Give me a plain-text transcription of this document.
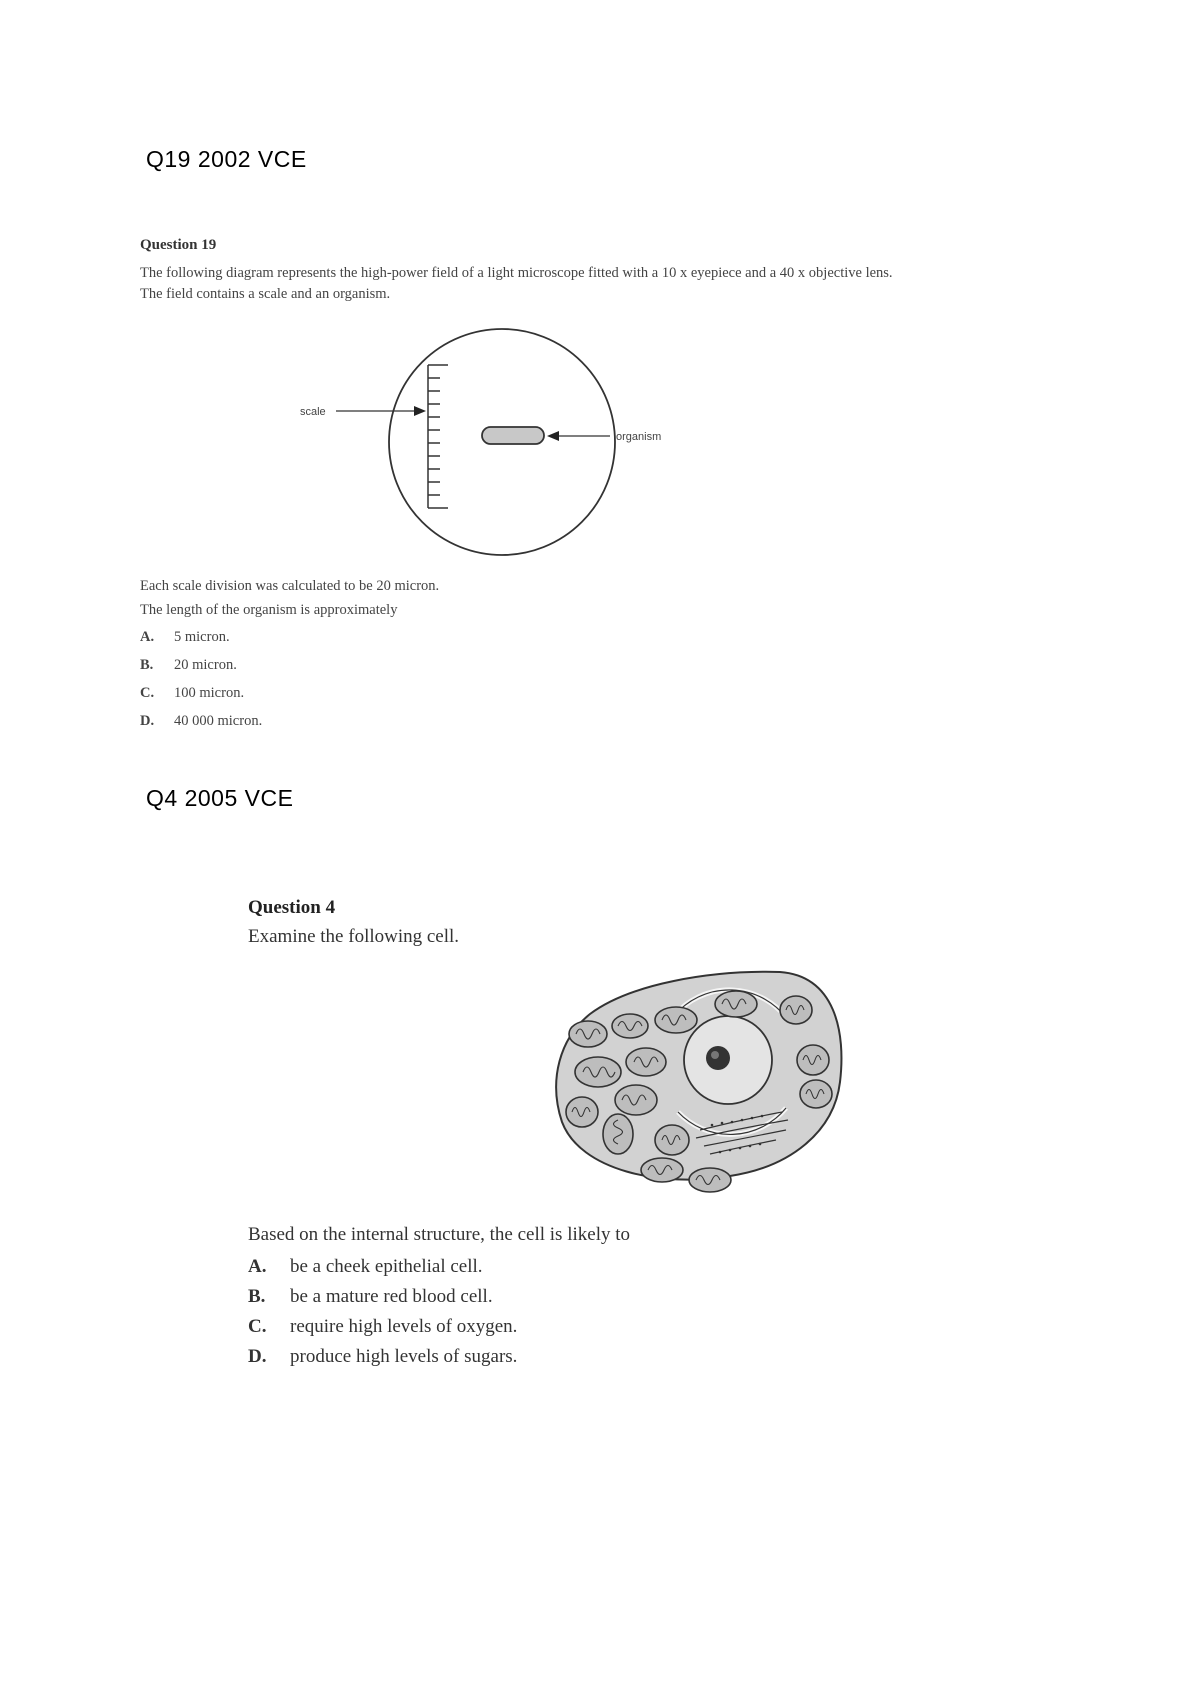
Q19 2002 VCE

Question 19

The following diagram represents the high-power field of a light microscope fitted with a 10 x eyepiece and a 40 x objective lens. The field contains a scale and an organism.

scale
organism

Each scale division was calculated to be 20 micron.

The length of the organism is approximately

A.	5 micron.
B.	20 micron.
C.	100 micron.
D.	40 000 micron.
Q4 2005 VCE

Question 4

Examine the following cell.

Based on the internal structure, the cell is likely to

A.	be a cheek epithelial cell.
B.	be a mature red blood cell.
C.	require high levels of oxygen.
D.	produce high levels of sugars.
